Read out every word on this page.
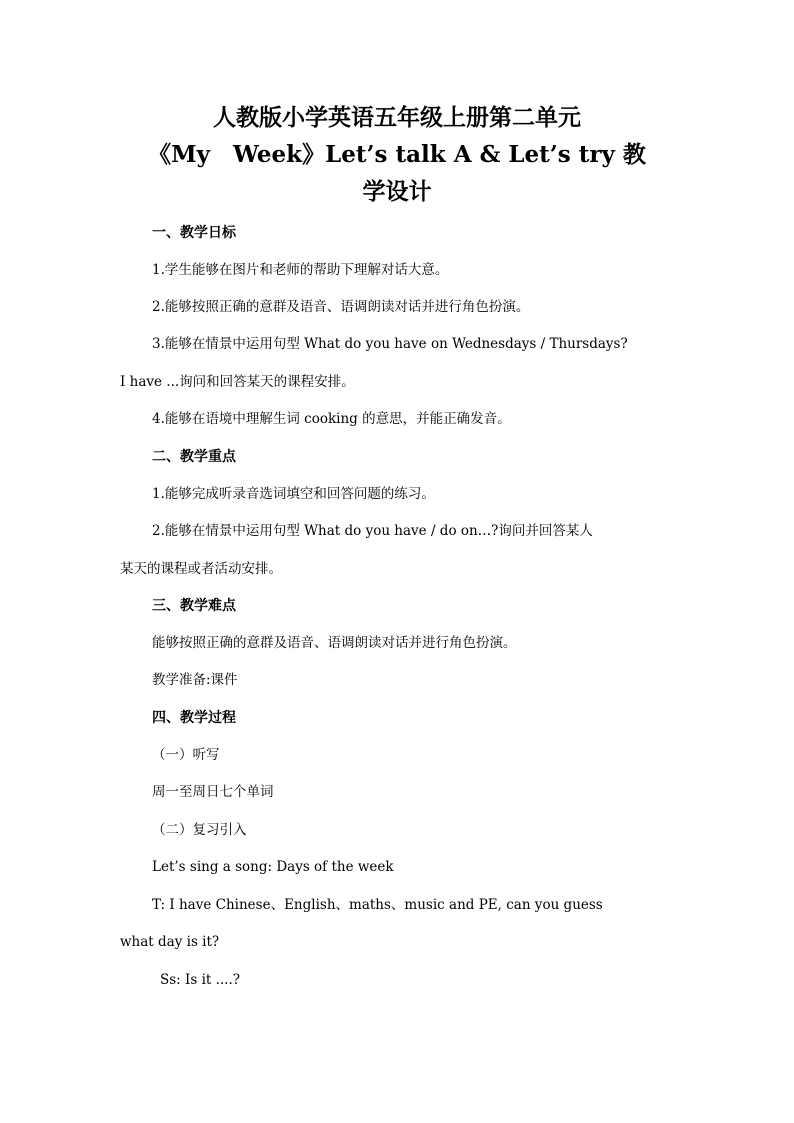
人教版小学英语五年级上册第二单元
《My　Week》Let’s talk A & Let’s try 教
学设计
一、教学日标
1.学生能够在图片和老师的帮助下理解对话大意。
2.能够按照正确的意群及语音、语调朗读对话并进行角色扮演。
3.能够在情景中运用句型 What do you have on Wednesdays / Thursdays?
I have ...询问和回答某天的课程安排。
4.能够在语境中理解生词 cooking 的意思，并能正确发音。
二、教学重点
1.能够完成听录音选词填空和回答问题的练习。
2.能够在情景中运用句型 What do you have / do on…?询问并回答某人
某天的课程或者活动安排。
三、教学难点
能够按照正确的意群及语音、语调朗读对话并进行角色扮演。
教学准备:课件
四、教学过程
（一）听写
周一至周日七个单词
（二）复习引入
Let’s sing a song: Days of the week
T: I have Chinese、English、maths、music and PE, can you guess
what day is it?
Ss: Is it ....?
